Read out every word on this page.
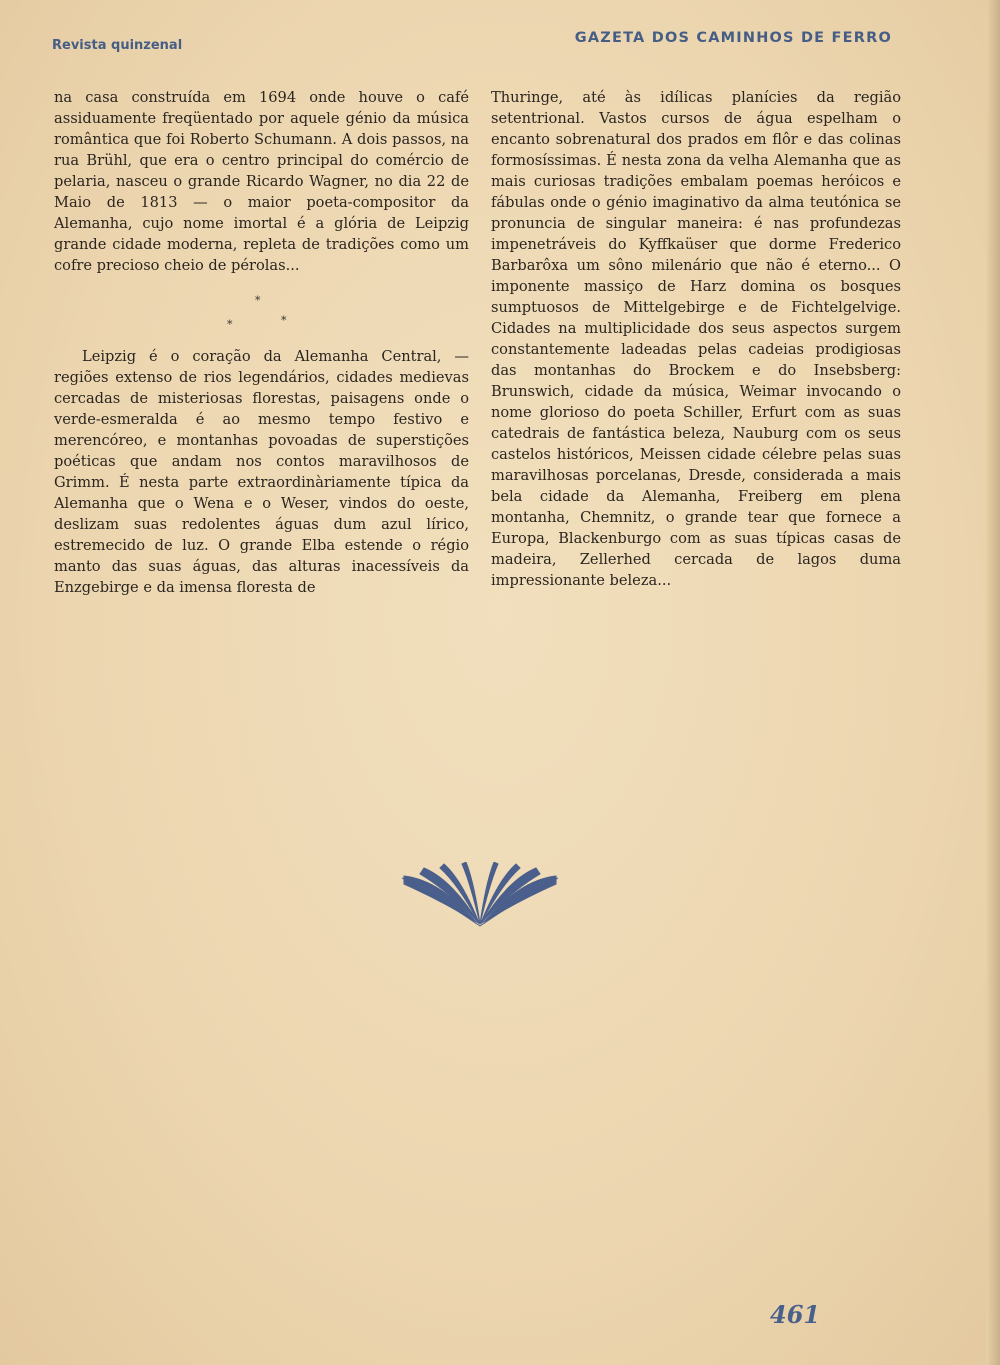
Revista quinzenal	GAZETA DOS CAMINHOS DE FERRO

na casa construída em 1694 onde houve o café assiduamente freqüentado por aquele génio da música romântica que foi Roberto Schumann. A dois passos, na rua Brühl, que era o centro principal do comércio de pelaria, nasceu o grande Ricardo Wagner, no dia 22 de Maio de 1813 — o maior poeta-compositor da Alemanha, cujo nome imortal é a glória de Leipzig grande cidade moderna, repleta de tradições como um cofre precioso cheio de pérolas...

*
*	*

Leipzig é o coração da Alemanha Central, — regiões extenso de rios legendários, cidades medievas cercadas de misteriosas florestas, paisagens onde o verde-esmeralda é ao mesmo tempo festivo e merencóreo, e montanhas povoadas de superstições poéticas que andam nos contos maravilhosos de Grimm. É nesta parte extraordinàriamente típica da Alemanha que o Wena e o Weser, vindos do oeste, deslizam suas redolentes águas dum azul lírico, estremecido de luz. O grande Elba estende o régio manto das suas águas, das alturas inacessíveis da Enzgebirge e da imensa floresta de

Thuringe, até às idílicas planícies da região setentrional. Vastos cursos de água espelham o encanto sobrenatural dos prados em flôr e das colinas formosíssimas. É nesta zona da velha Alemanha que as mais curiosas tradições embalam poemas heróicos e fábulas onde o génio imaginativo da alma teutónica se pronuncia de singular maneira: é nas profundezas impenetráveis do Kyffkaüser que dorme Frederico Barbarôxa um sôno milenário que não é eterno... O imponente massiço de Harz domina os bosques sumptuosos de Mittelgebirge e de Fichtelgelvige. Cidades na multiplicidade dos seus aspectos surgem constantemente ladeadas pelas cadeias prodigiosas das montanhas do Brockem e do Insebsberg: Brunswich, cidade da música, Weimar invocando o nome glorioso do poeta Schiller, Erfurt com as suas catedrais de fantástica beleza, Nauburg com os seus castelos históricos, Meissen cidade célebre pelas suas maravilhosas porcelanas, Dresde, considerada a mais bela cidade da Alemanha, Freiberg em plena montanha, Chemnitz, o grande tear que fornece a Europa, Blackenburgo com as suas típicas casas de madeira, Zellerhed cercada de lagos duma impressionante beleza...

461
